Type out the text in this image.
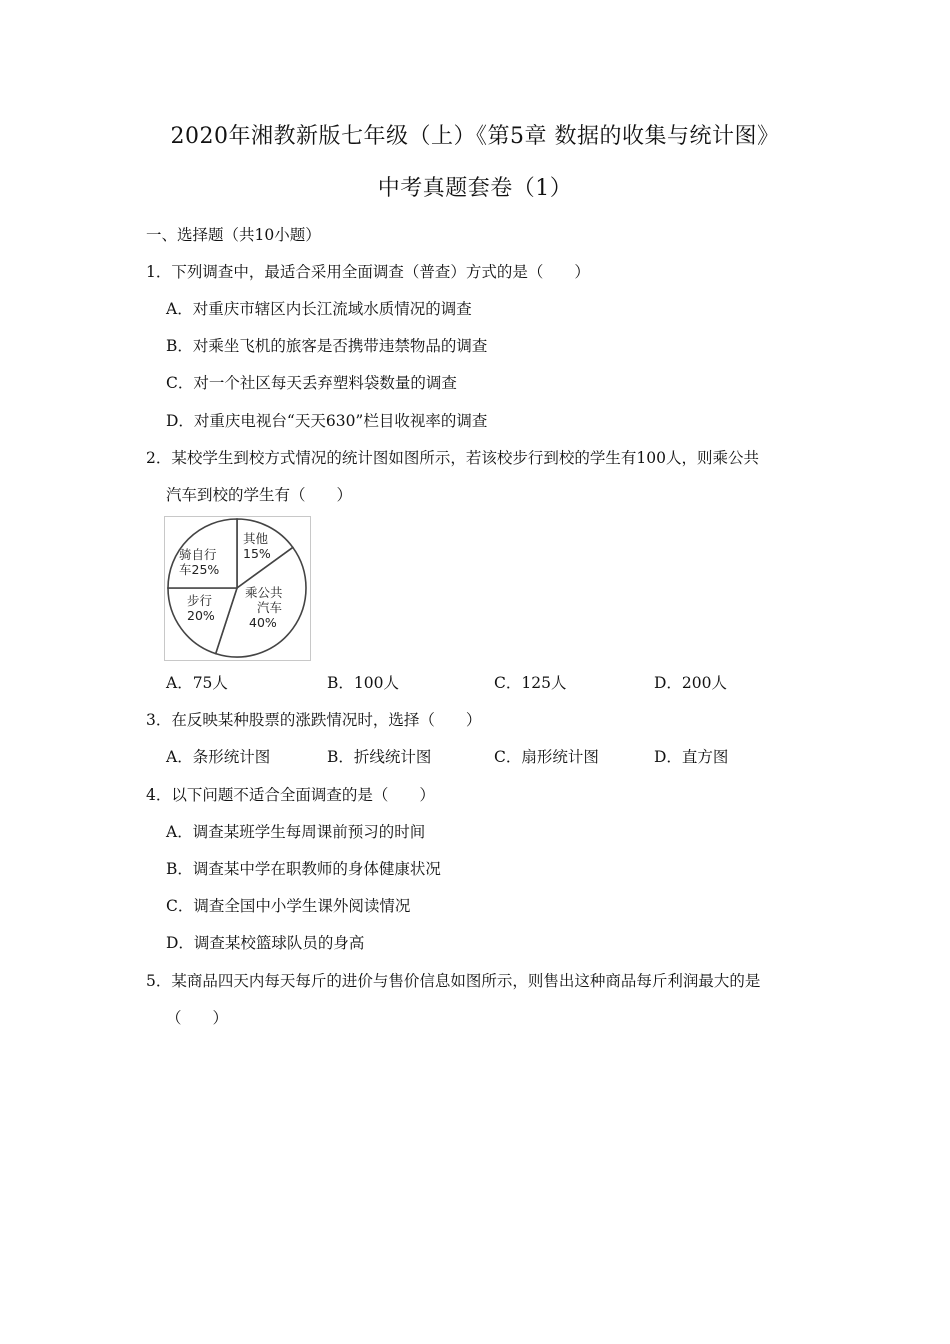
2020年湘教新版七年级（上）《第5章 数据的收集与统计图》
中考真题套卷（1）
一、选择题（共10小题）
1．下列调查中，最适合采用全面调查（普查）方式的是（　　）
A．对重庆市辖区内长江流域水质情况的调查
B．对乘坐飞机的旅客是否携带违禁物品的调查
C．对一个社区每天丢弃塑料袋数量的调查
D．对重庆电视台“天天630”栏目收视率的调查
2．某校学生到校方式情况的统计图如图所示，若该校步行到校的学生有100人，则乘公共
汽车到校的学生有（　　）
其他
15%
乘公共
汽车
40%
步行
20%
骑自行
车25%
A．75人	B．100人	C．125人	D．200人
3．在反映某种股票的涨跌情况时，选择（　　）
A．条形统计图	B．折线统计图	C．扇形统计图	D．直方图
4．以下问题不适合全面调查的是（　　）
A．调查某班学生每周课前预习的时间
B．调查某中学在职教师的身体健康状况
C．调查全国中小学生课外阅读情况
D．调查某校篮球队员的身高
5．某商品四天内每天每斤的进价与售价信息如图所示，则售出这种商品每斤利润最大的是
（　　）
